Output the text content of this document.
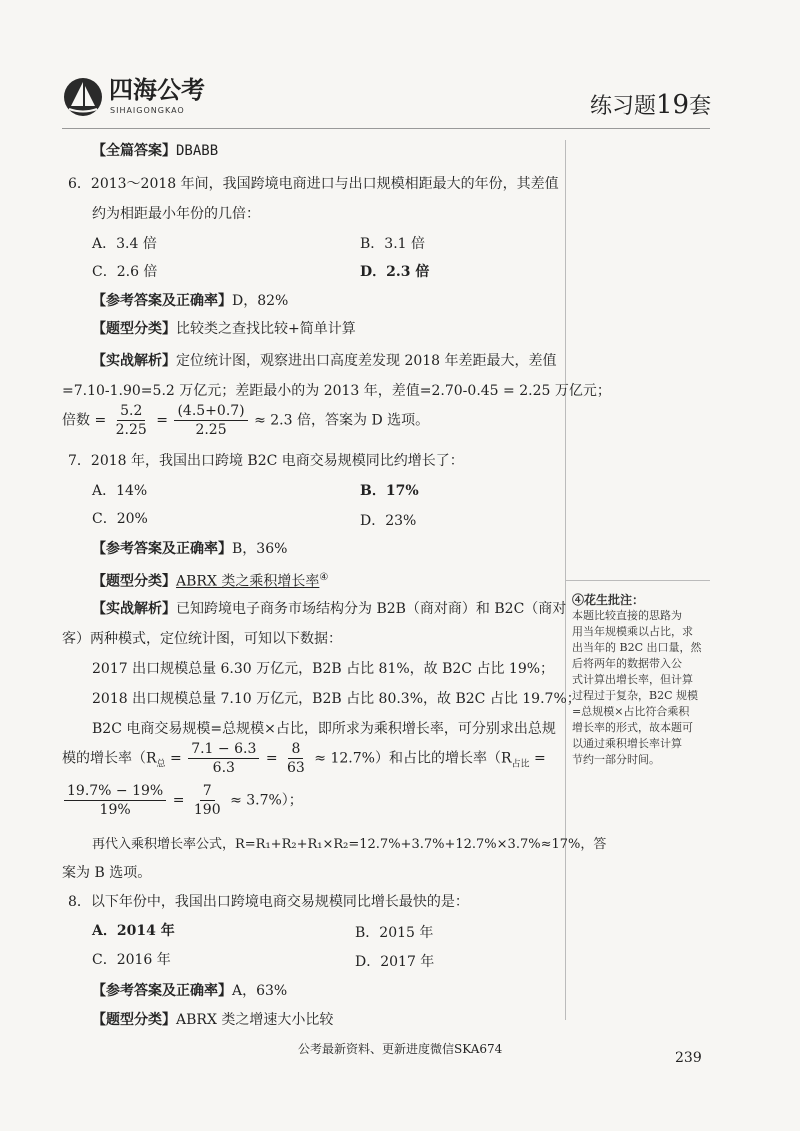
四海公考
SIHAIGONGKAO	练习题19套
【全篇答案】DBABB
6．2013～2018 年间，我国跨境电商进口与出口规模相距最大的年份，其差值
约为相距最小年份的几倍：
A．3.4 倍	B．3.1 倍
C．2.6 倍	D．2.3 倍
【参考答案及正确率】D，82%
【题型分类】比较类之查找比较+简单计算
【实战解析】定位统计图，观察进出口高度差发现 2018 年差距最大，差值
=7.10-1.90=5.2 万亿元；差距最小的为 2013 年，差值=2.70-0.45 = 2.25 万亿元；
倍数 = $\frac{5.2}{2.25} = \frac{(4.5+0.7)}{2.25} \approx 2.3$ 倍，答案为 D 选项。
7．2018 年，我国出口跨境 B2C 电商交易规模同比约增长了：
A．14%	B．17%
C．20%	D．23%
【参考答案及正确率】B，36%
【题型分类】ABRX 类之乘积增长率④
【实战解析】已知跨境电子商务市场结构分为 B2B（商对商）和 B2C（商对
客）两种模式，定位统计图，可知以下数据：
2017 出口规模总量 6.30 万亿元，B2B 占比 81%，故 B2C 占比 19%；
2018 出口规模总量 7.10 万亿元，B2B 占比 80.3%，故 B2C 占比 19.7%；
B2C 电商交易规模=总规模×占比，即所求为乘积增长率，可分别求出总规
模的增长率$(R_总 = \frac{7.1 - 6.3}{6.3} = \frac{8}{63} \approx 12.7\%)$和占比的增长率（$R_{占比}$ =
$\frac{19.7\% - 19\%}{19\%} = \frac{7}{190} \approx 3.7\%$）；
再代入乘积增长率公式，R=R₁+R₂+R₁×R₂=12.7%+3.7%+12.7%×3.7%≈17%，答
案为 B 选项。
8．以下年份中，我国出口跨境电商交易规模同比增长最快的是：
A．2014 年	B．2015 年
C．2016 年	D．2017 年
【参考答案及正确率】A，63%
【题型分类】ABRX 类之增速大小比较
④花生批注：
本题比较直接的思路为
用当年规模乘以占比，求
出当年的 B2C 出口量，然
后将两年的数据带入公
式计算出增长率，但计算
过程过于复杂，B2C 规模
=总规模×占比符合乘积
增长率的形式，故本题可
以通过乘积增长率计算
节约一部分时间。
公考最新资料、更新进度微信SKA674
239
